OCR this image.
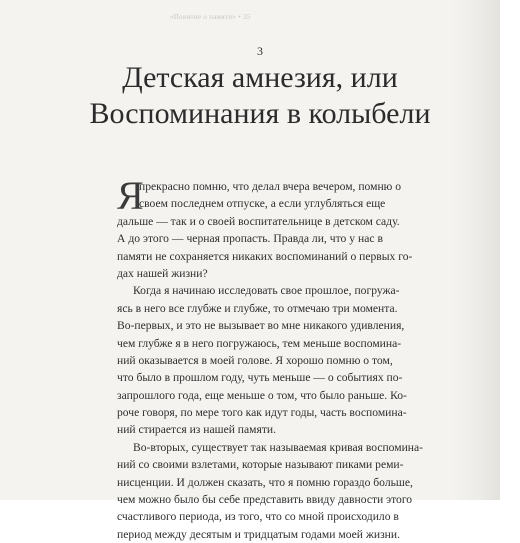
«Понятие о памяти» • 35
3
Детская амнезия, или
Воспоминания в колыбели
Я
прекрасно помню, что делал вчера вечером, помню о
своем последнем отпуске, а если углубляться еще
дальше — так и о своей воспитательнице в детском саду.
А до этого — черная пропасть. Правда ли, что у нас в
памяти не сохраняется никаких воспоминаний о первых го-
дах нашей жизни?
Когда я начинаю исследовать свое прошлое, погружа-
ясь в него все глубже и глубже, то отмечаю три момента.
Во-первых, и это не вызывает во мне никакого удивления,
чем глубже я в него погружаюсь, тем меньше воспоминa-
ний оказывается в моей голове. Я хорошо помню о том,
что было в прошлом году, чуть меньше — о событиях по-
запрошлого года, еще меньше о том, что было раньше. Ко-
роче говоря, по мере того как идут годы, часть воспомина-
ний стирается из нашей памяти.
Во-вторых, существует так называемая кривая воспоминa-
ний со своими взлетами, которые называют пиками реми-
нисценции. И должен сказать, что я помню гораздо больше,
чем можно было бы себе представить ввиду давности этого
счастливого периода, из того, что со мной происходило в
период между десятым и тридцатым годами моей жизни.
